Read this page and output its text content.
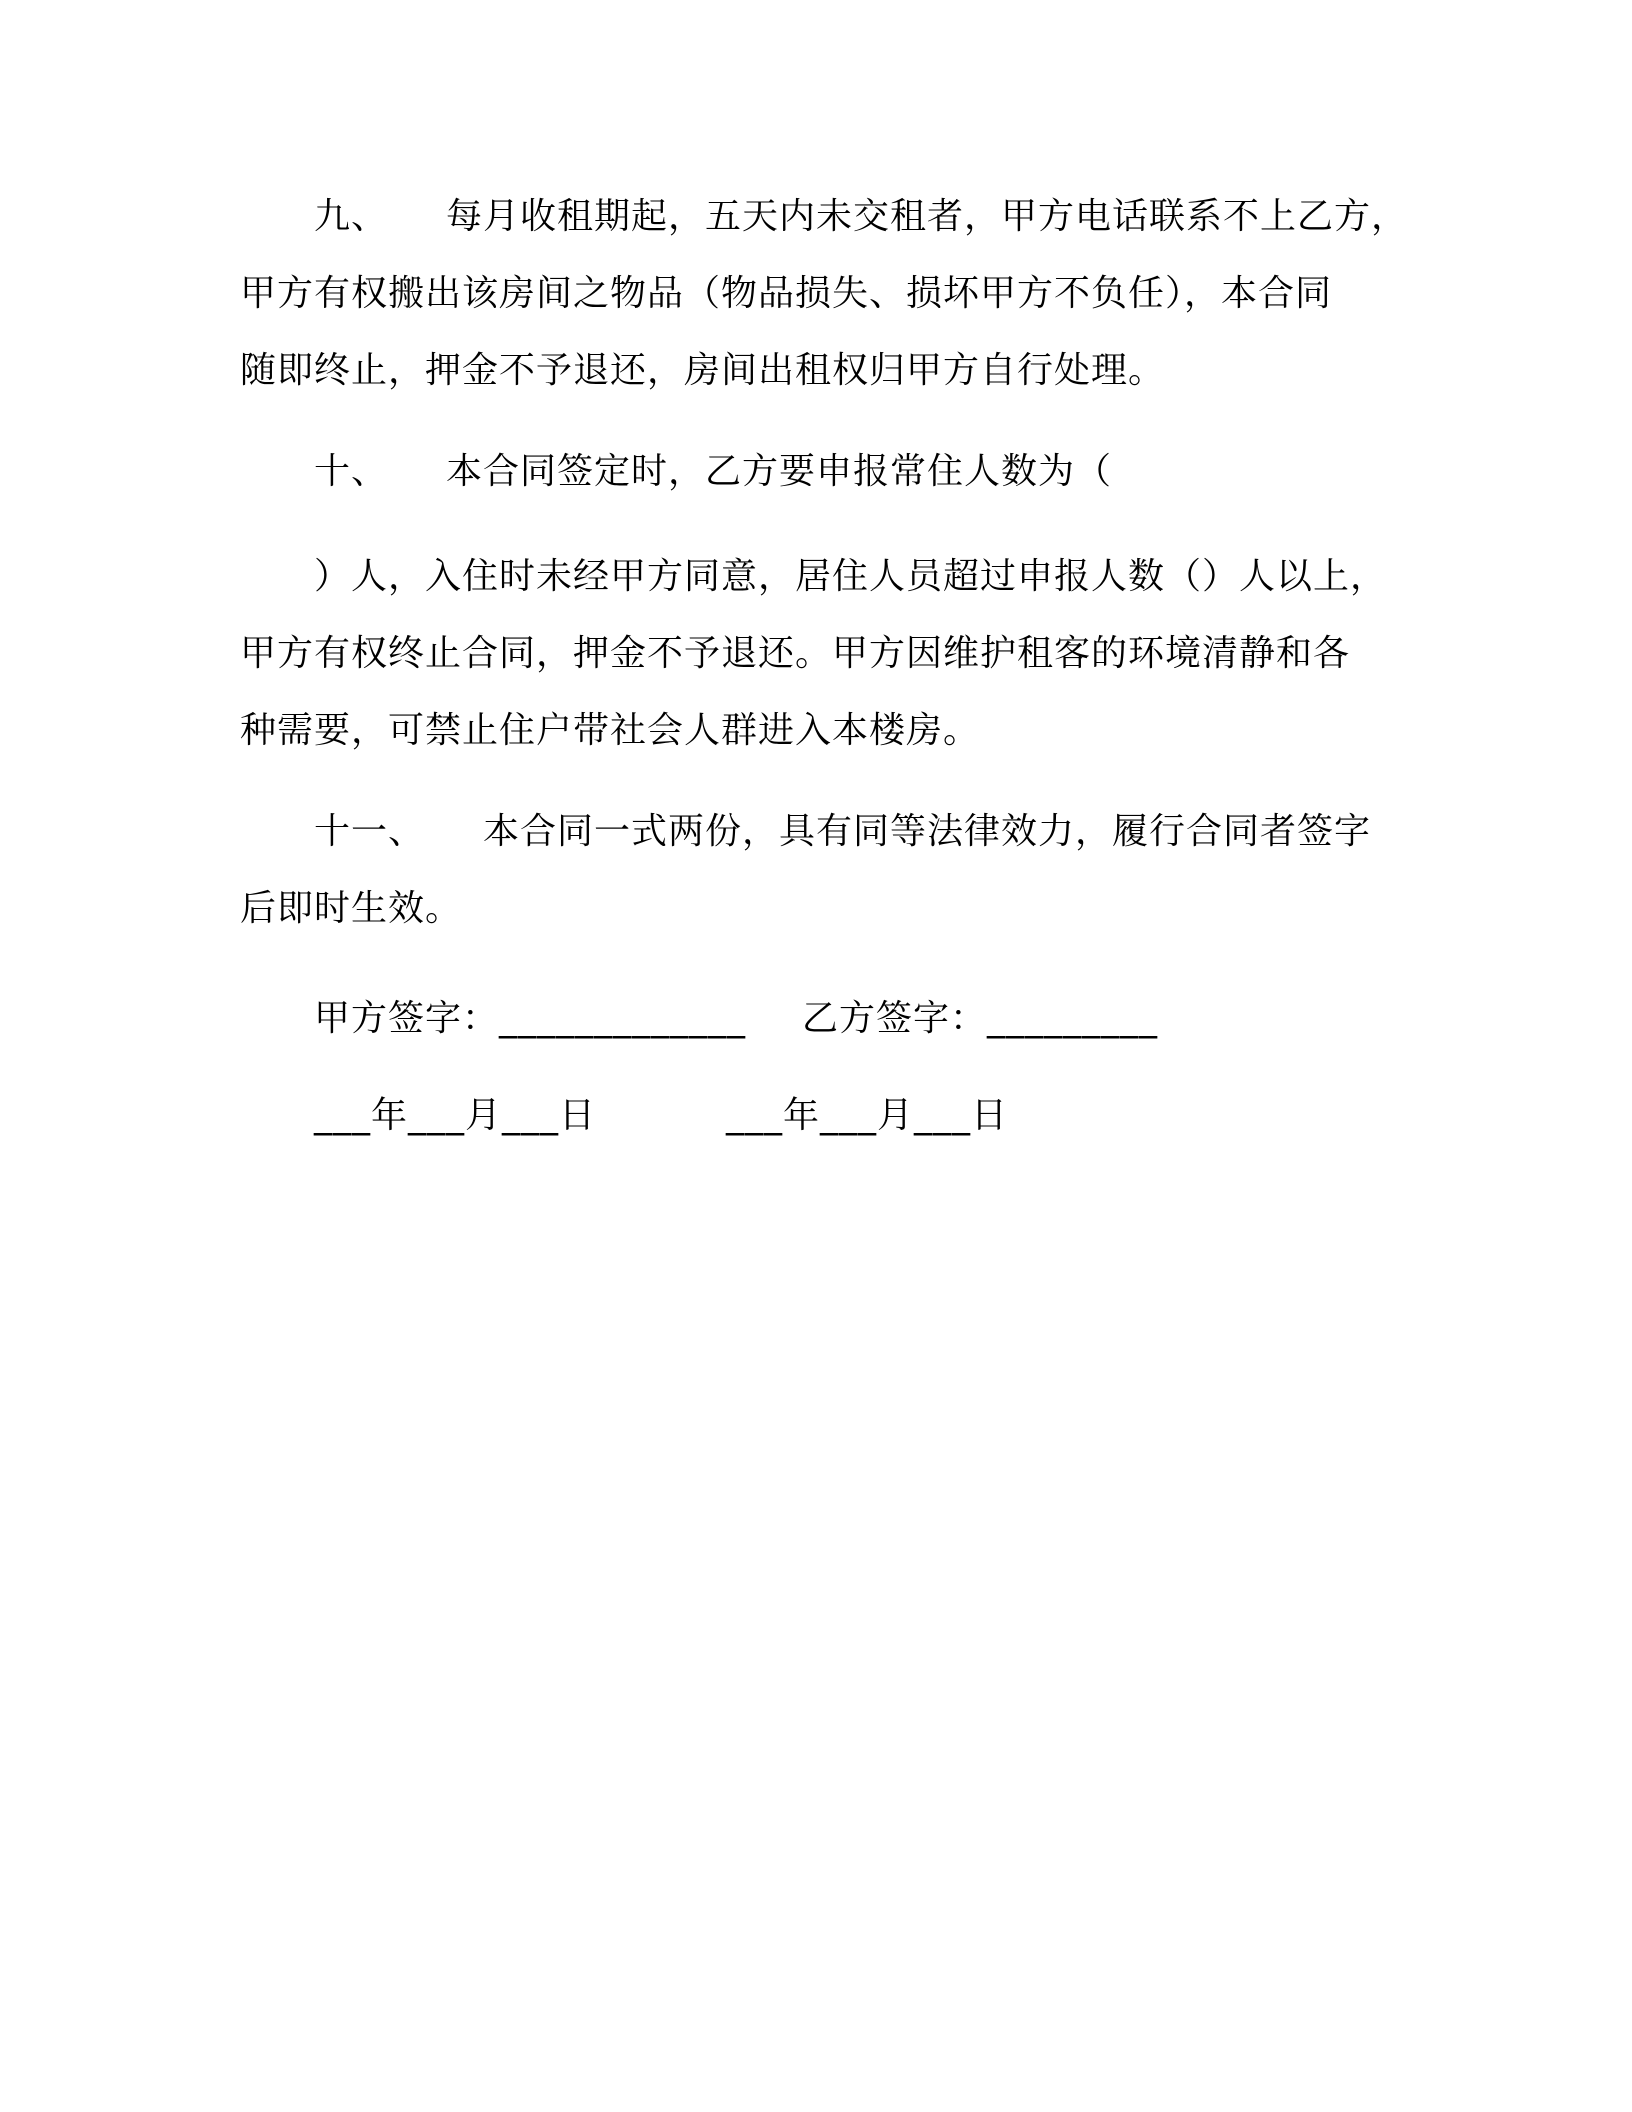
九、 每月收租期起，五天内未交租者，甲方电话联系不上乙方，
甲方有权搬出该房间之物品（物品损失、损坏甲方不负任），本合同
随即终止，押金不予退还，房间出租权归甲方自行处理。
十、 本合同签定时，乙方要申报常住人数为（
）人，入住时未经甲方同意，居住人员超过申报人数（）人以上，
甲方有权终止合同，押金不予退还。甲方因维护租客的环境清静和各
种需要，可禁止住户带社会人群进入本楼房。
十一、 本合同一式两份，具有同等法律效力，履行合同者签字
后即时生效。
甲方签字：_____________ 乙方签字：_________
___年___月___日	___年___月___日
